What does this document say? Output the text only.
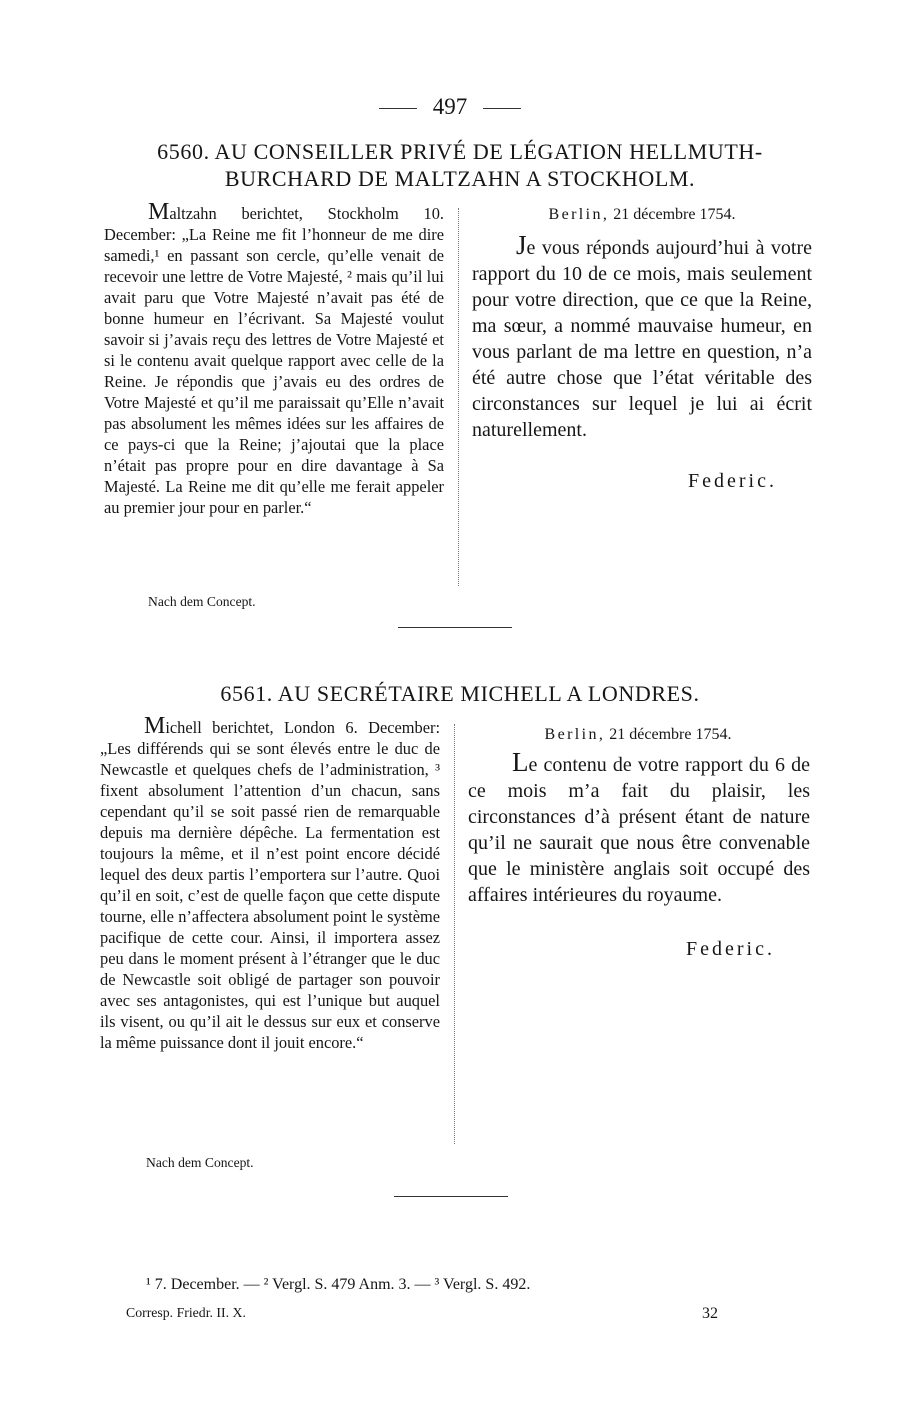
497
6560. AU CONSEILLER PRIVÉ DE LÉGATION HELLMUTH-
BURCHARD DE MALTZAHN A STOCKHOLM.

Maltzahn berichtet, Stockholm 10. December: „La Reine me fit l’honneur de me dire samedi,¹ en passant son cercle, qu’elle venait de recevoir une lettre de Votre Majesté, ² mais qu’il lui avait paru que Votre Majesté n’avait pas été de bonne humeur en l’écrivant. Sa Majesté voulut savoir si j’avais reçu des lettres de Votre Majesté et si le contenu avait quelque rapport avec celle de la Reine. Je répondis que j’avais eu des ordres de Votre Majesté et qu’il me paraissait qu’Elle n’avait pas absolument les mêmes idées sur les affaires de ce pays-ci que la Reine; j’ajoutai que la place n’était pas propre pour en dire davantage à Sa Majesté. La Reine me dit qu’elle me ferait appeler au premier jour pour en parler.“

Nach dem Concept.
Berlin, 21 décembre 1754.

Je vous réponds aujourd’hui à votre rapport du 10 de ce mois, mais seulement pour votre direction, que ce que la Reine, ma sœur, a nommé mauvaise humeur, en vous parlant de ma lettre en question, n’a été autre chose que l’état véritable des circonstances sur lequel je lui ai écrit naturellement.

Federic.
6561. AU SECRÉTAIRE MICHELL A LONDRES.

Michell berichtet, London 6. December: „Les différends qui se sont élevés entre le duc de Newcastle et quelques chefs de l’administration, ³ fixent absolument l’attention d’un chacun, sans cependant qu’il se soit passé rien de remarquable depuis ma dernière dépêche. La fermentation est toujours la même, et il n’est point encore décidé lequel des deux partis l’emportera sur l’autre. Quoi qu’il en soit, c’est de quelle façon que cette dispute tourne, elle n’affectera absolument point le système pacifique de cette cour. Ainsi, il importera assez peu dans le moment présent à l’étranger que le duc de Newcastle soit obligé de partager son pouvoir avec ses antagonistes, qui est l’unique but auquel ils visent, ou qu’il ait le dessus sur eux et conserve la même puissance dont il jouit encore.“

Nach dem Concept.
Berlin, 21 décembre 1754.

Le contenu de votre rapport du 6 de ce mois m’a fait du plaisir, les circonstances d’à présent étant de nature qu’il ne saurait que nous être convenable que le ministère anglais soit occupé des affaires intérieures du royaume.

Federic.
¹ 7. December. — ² Vergl. S. 479 Anm. 3. — ³ Vergl. S. 492.
Corresp. Friedr. II. X.	32
